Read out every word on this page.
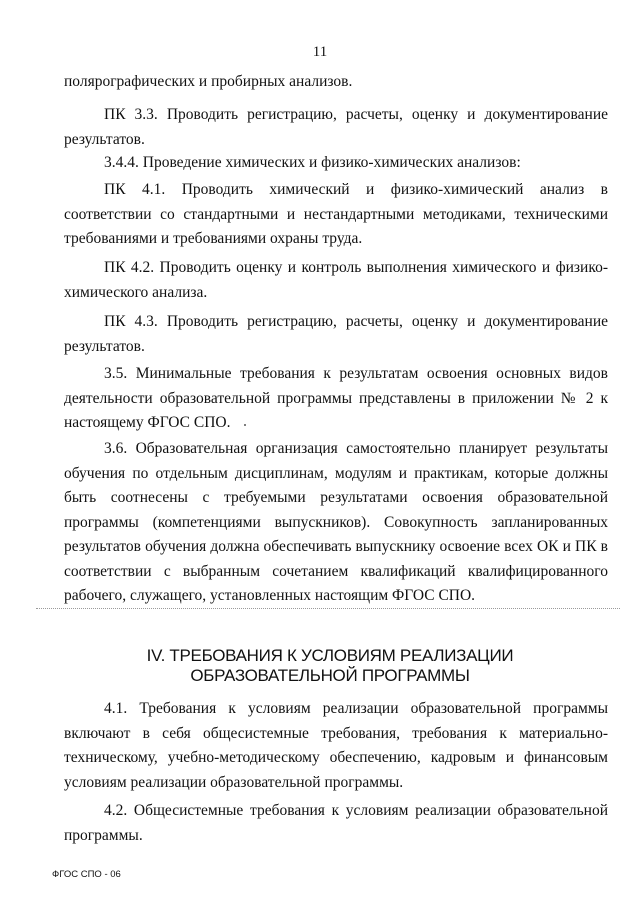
11

полярографических и пробирных анализов.

ПК 3.3. Проводить регистрацию, расчеты, оценку и документирование результатов.

3.4.4. Проведение химических и физико-химических анализов:

ПК 4.1. Проводить химический и физико-химический анализ в соответствии со стандартными и нестандартными методиками, техническими требованиями и требованиями охраны труда.

ПК 4.2. Проводить оценку и контроль выполнения химического и физико-химического анализа.

ПК 4.3. Проводить регистрацию, расчеты, оценку и документирование результатов.

3.5. Минимальные требования к результатам освоения основных видов деятельности образовательной программы представлены в приложении № 2 к настоящему ФГОС СПО.

3.6. Образовательная организация самостоятельно планирует результаты обучения по отдельным дисциплинам, модулям и практикам, которые должны быть соотнесены с требуемыми результатами освоения образовательной программы (компетенциями выпускников). Совокупность запланированных результатов обучения должна обеспечивать выпускнику освоение всех ОК и ПК в соответствии с выбранным сочетанием квалификаций квалифицированного рабочего, служащего, установленных настоящим ФГОС СПО.

IV. ТРЕБОВАНИЯ К УСЛОВИЯМ РЕАЛИЗАЦИИ ОБРАЗОВАТЕЛЬНОЙ ПРОГРАММЫ

4.1. Требования к условиям реализации образовательной программы включают в себя общесистемные требования, требования к материально-техническому, учебно-методическому обеспечению, кадровым и финансовым условиям реализации образовательной программы.

4.2. Общесистемные требования к условиям реализации образовательной программы.

ФГОС СПО - 06
